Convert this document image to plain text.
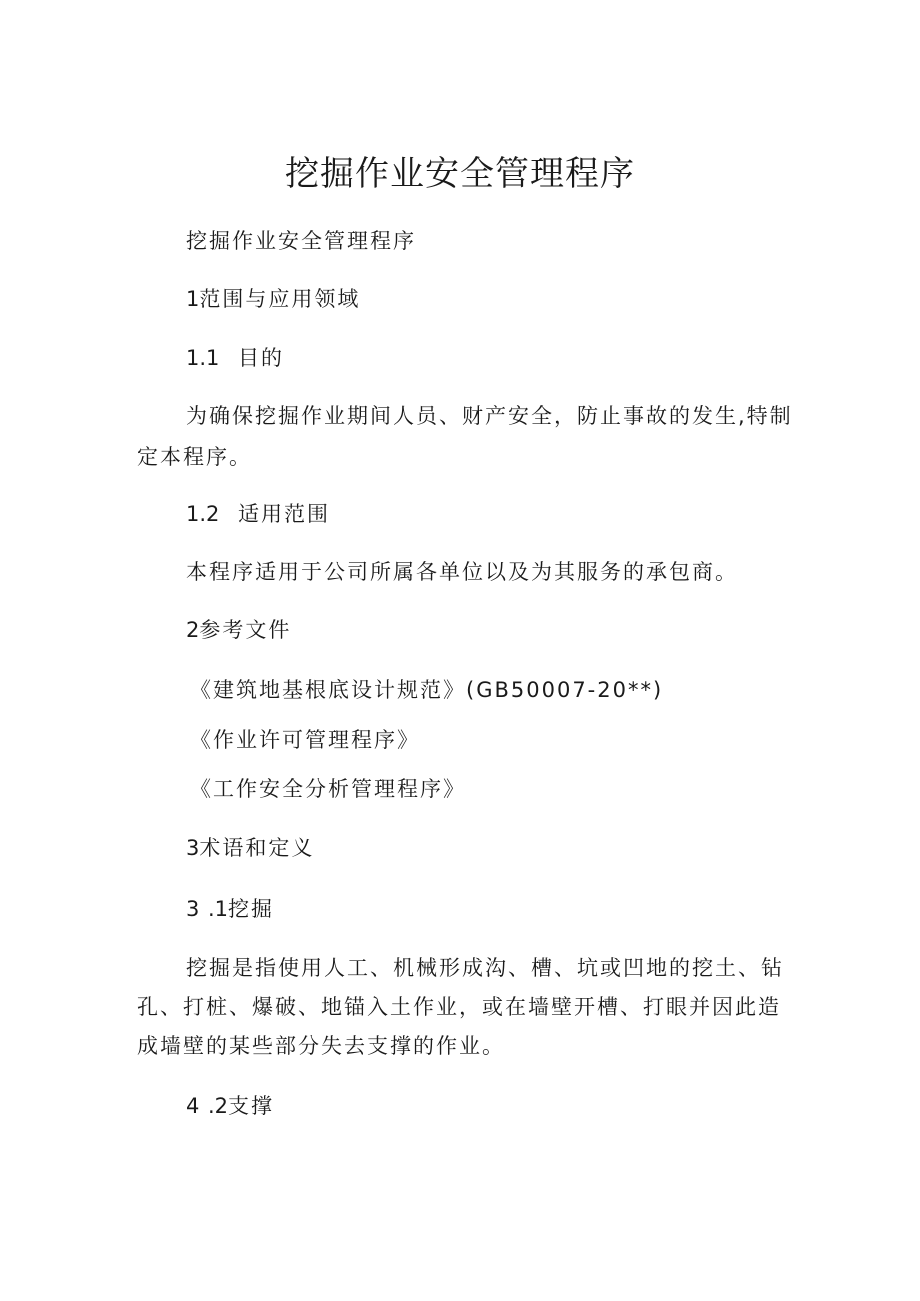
挖掘作业安全管理程序
挖掘作业安全管理程序
1范围与应用领域
1.1 目的
为确保挖掘作业期间人员、财产安全，防止事故的发生,特制
定本程序。
1.2 适用范围
本程序适用于公司所属各单位以及为其服务的承包商。
2参考文件
《建筑地基根底设计规范》(GB50007-20**)
《作业许可管理程序》
《工作安全分析管理程序》
3术语和定义
3 .1挖掘
挖掘是指使用人工、机械形成沟、槽、坑或凹地的挖土、钻
孔、打桩、爆破、地锚入土作业，或在墙壁开槽、打眼并因此造
成墙壁的某些部分失去支撑的作业。
4 .2支撑
